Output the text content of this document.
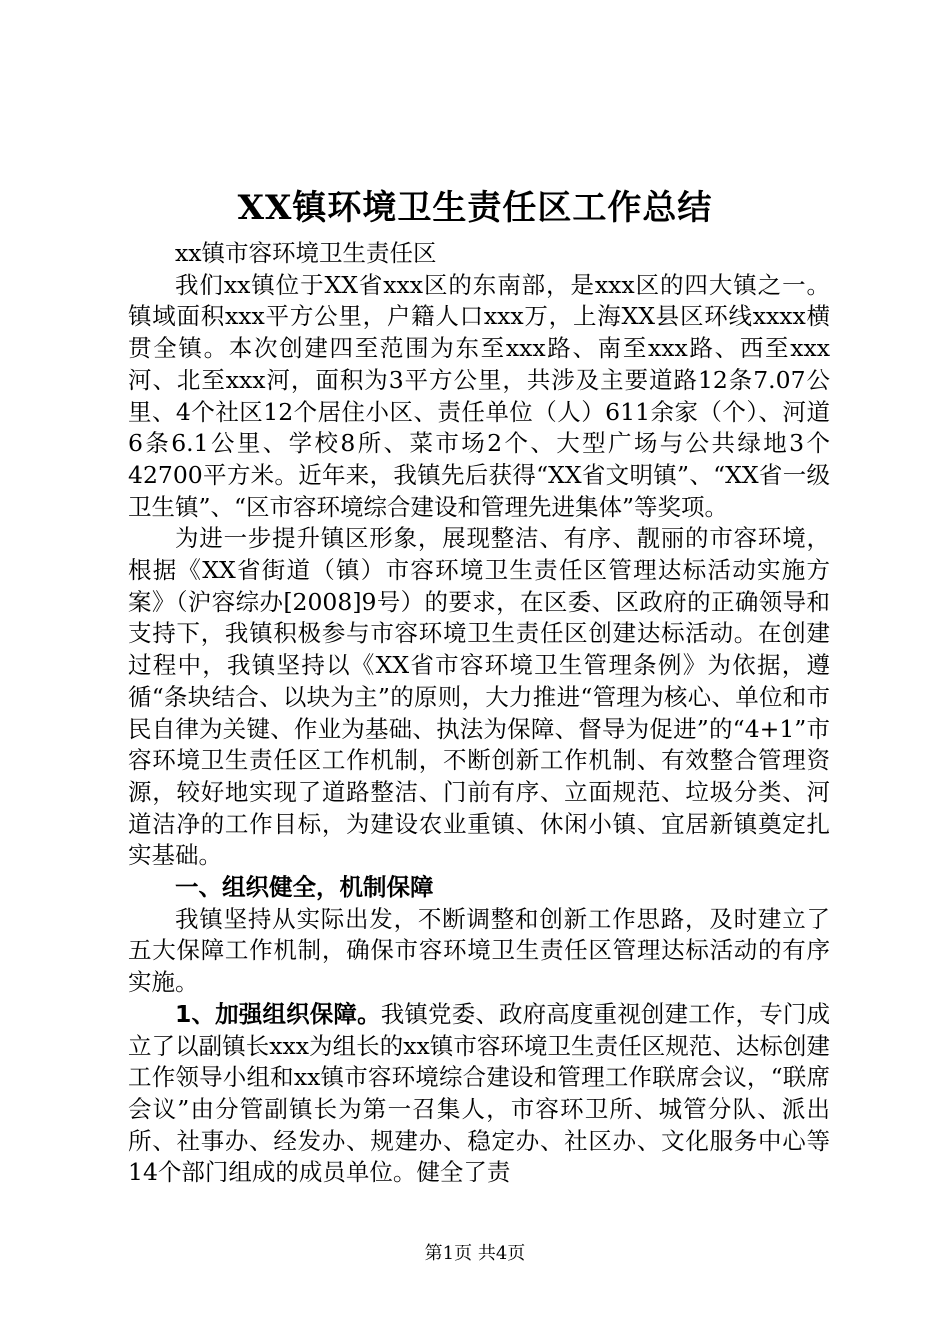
XX镇环境卫生责任区工作总结

xx镇市容环境卫生责任区

我们xx镇位于XX省xxx区的东南部，是xxx区的四大镇之一。镇域面积xxx平方公里，户籍人口xxx万，上海XX县区环线xxxx横贯全镇。本次创建四至范围为东至xxx路、南至xxx路、西至xxx河、北至xxx河，面积为3平方公里，共涉及主要道路12条7.07公里、4个社区12个居住小区、责任单位（人）611余家（个）、河道6条6.1公里、学校8所、菜市场2个、大型广场与公共绿地3个42700平方米。近年来，我镇先后获得“XX省文明镇”、“XX省一级卫生镇”、“区市容环境综合建设和管理先进集体”等奖项。

为进一步提升镇区形象，展现整洁、有序、靓丽的市容环境，根据《XX省街道（镇）市容环境卫生责任区管理达标活动实施方案》（沪容综办[2008]9号）的要求，在区委、区政府的正确领导和支持下，我镇积极参与市容环境卫生责任区创建达标活动。在创建过程中，我镇坚持以《XX省市容环境卫生管理条例》为依据，遵循“条块结合、以块为主”的原则，大力推进“管理为核心、单位和市民自律为关键、作业为基础、执法为保障、督导为促进”的“4+1”市容环境卫生责任区工作机制，不断创新工作机制、有效整合管理资源，较好地实现了道路整洁、门前有序、立面规范、垃圾分类、河道洁净的工作目标，为建设农业重镇、休闲小镇、宜居新镇奠定扎实基础。

一、组织健全，机制保障

我镇坚持从实际出发，不断调整和创新工作思路，及时建立了五大保障工作机制，确保市容环境卫生责任区管理达标活动的有序实施。

1、加强组织保障。我镇党委、政府高度重视创建工作，专门成立了以副镇长xxx为组长的xx镇市容环境卫生责任区规范、达标创建工作领导小组和xx镇市容环境综合建设和管理工作联席会议，“联席会议”由分管副镇长为第一召集人，市容环卫所、城管分队、派出所、社事办、经发办、规建办、稳定办、社区办、文化服务中心等14个部门组成的成员单位。健全了责

第1页 共4页
